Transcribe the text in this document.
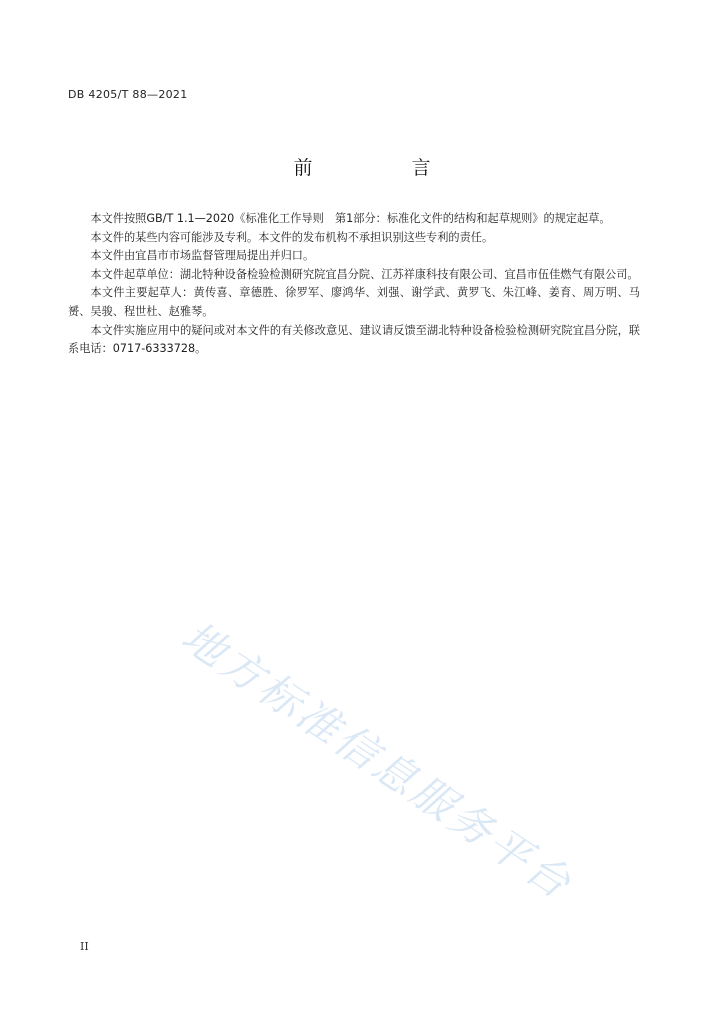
DB 4205/T 88—2021
前　言

本文件按照GB/T 1.1—2020《标准化工作导则　第1部分：标准化文件的结构和起草规则》的规定起草。

本文件的某些内容可能涉及专利。本文件的发布机构不承担识别这些专利的责任。

本文件由宜昌市市场监督管理局提出并归口。

本文件起草单位：湖北特种设备检验检测研究院宜昌分院、江苏祥康科技有限公司、宜昌市伍佳燃气有限公司。

本文件主要起草人：黄传喜、章德胜、徐罗军、廖鸿华、刘强、谢学武、黄罗飞、朱江峰、姜育、周万明、马赟、吴骏、程世杜、赵雅琴。

本文件实施应用中的疑问或对本文件的有关修改意见、建议请反馈至湖北特种设备检验检测研究院宜昌分院，联系电话：0717-6333728。

地方标准信息服务平台
II
